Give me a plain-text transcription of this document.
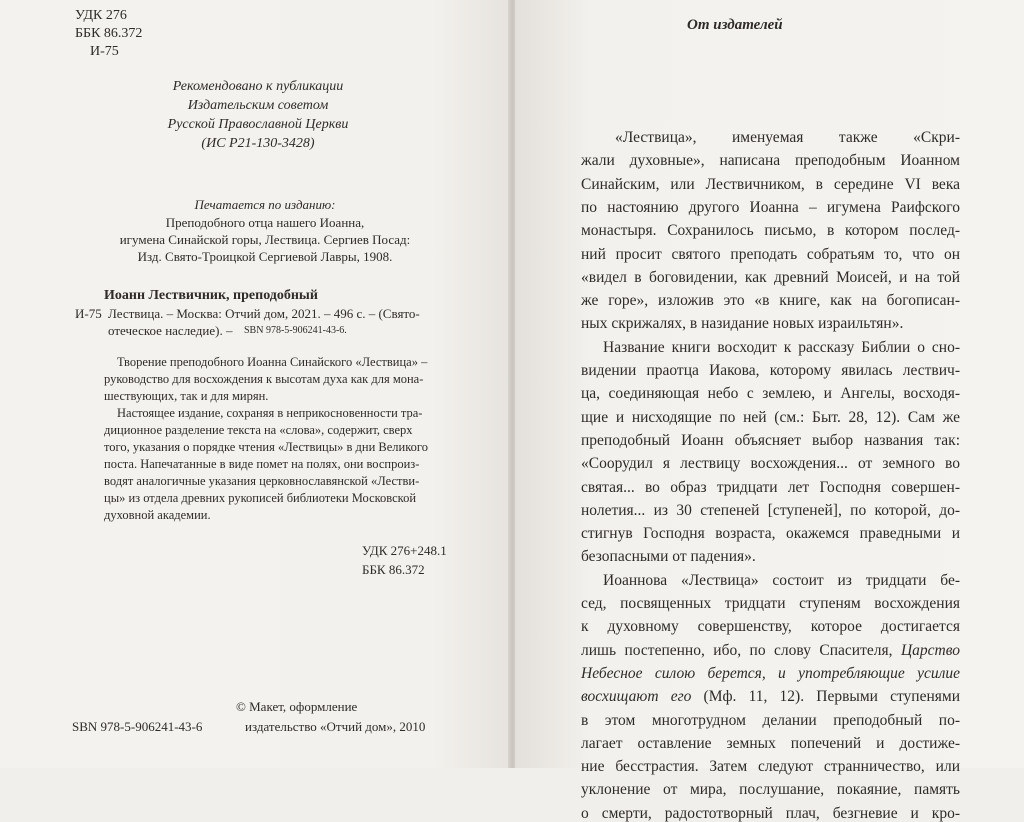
УДК 276
ББК 86.372
И-75
Рекомендовано к публикации
Издательским советом
Русской Православной Церкви
(ИС Р21-130-3428)
Печатается по изданию:
Преподобного отца нашего Иоанна,
игумена Синайской горы, Лествица. Сергиев Посад:
Изд. Свято-Троицкой Сергиевой Лавры, 1908.
Иоанн Лествичник, преподобный
И-75 Лествица. – Москва: Отчий дом, 2021. – 496 с. – (Свято-
отеческое наследие). – SBN 978-5-906241-43-6.
Творение преподобного Иоанна Синайского «Лествица» –
руководство для восхождения к высотам духа как для мона-
шествующих, так и для мирян.
Настоящее издание, сохраняя в неприкосновенности тра-
диционное разделение текста на «слова», содержит, сверх
того, указания о порядке чтения «Лествицы» в дни Великого
поста. Напечатанные в виде помет на полях, они воспроиз-
водят аналогичные указания церковнославянской «Лестви-
цы» из отдела древних рукописей библиотеки Московской
духовной академии.
УДК 276+248.1
ББК 86.372
SBN 978-5-906241-43-6
© Макет, оформление
издательство «Отчий дом», 2010
От издателей
«Лествица», именуемая также «Скри-
жали духовные», написана преподобным Иоанном
Синайским, или Лествичником, в середине VI века
по настоянию другого Иоанна – игумена Раифского
монастыря. Сохранилось письмо, в котором послед-
ний просит святого преподать собратьям то, что он
«видел в боговидении, как древний Моисей, и на той
же горе», изложив это «в книге, как на богописан-
ных скрижалях, в назидание новых израильтян».
Название книги восходит к рассказу Библии о сно-
видении праотца Иакова, которому явилась лествич-
ца, соединяющая небо с землею, и Ангелы, восходя-
щие и нисходящие по ней (см.: Быт. 28, 12). Сам же
преподобный Иоанн объясняет выбор названия так:
«Соорудил я лествицу восхождения... от земного во
святая... во образ тридцати лет Господня совершен-
нолетия... из 30 степеней [ступеней], по которой, до-
стигнув Господня возраста, окажемся праведными и
безопасными от падения».
Иоаннова «Лествица» состоит из тридцати бе-
сед, посвященных тридцати ступеням восхождения
к духовному совершенству, которое достигается
лишь постепенно, ибо, по слову Спасителя, Царство
Небесное силою берется, и употребляющие усилие
восхищают его (Мф. 11, 12). Первыми ступенями
в этом многотрудном делании преподобный по-
лагает оставление земных попечений и достиже-
ние бесстрастия. Затем следуют странничество, или
уклонение от мира, послушание, покаяние, память
о смерти, радостотворный плач, безгневие и кро-
